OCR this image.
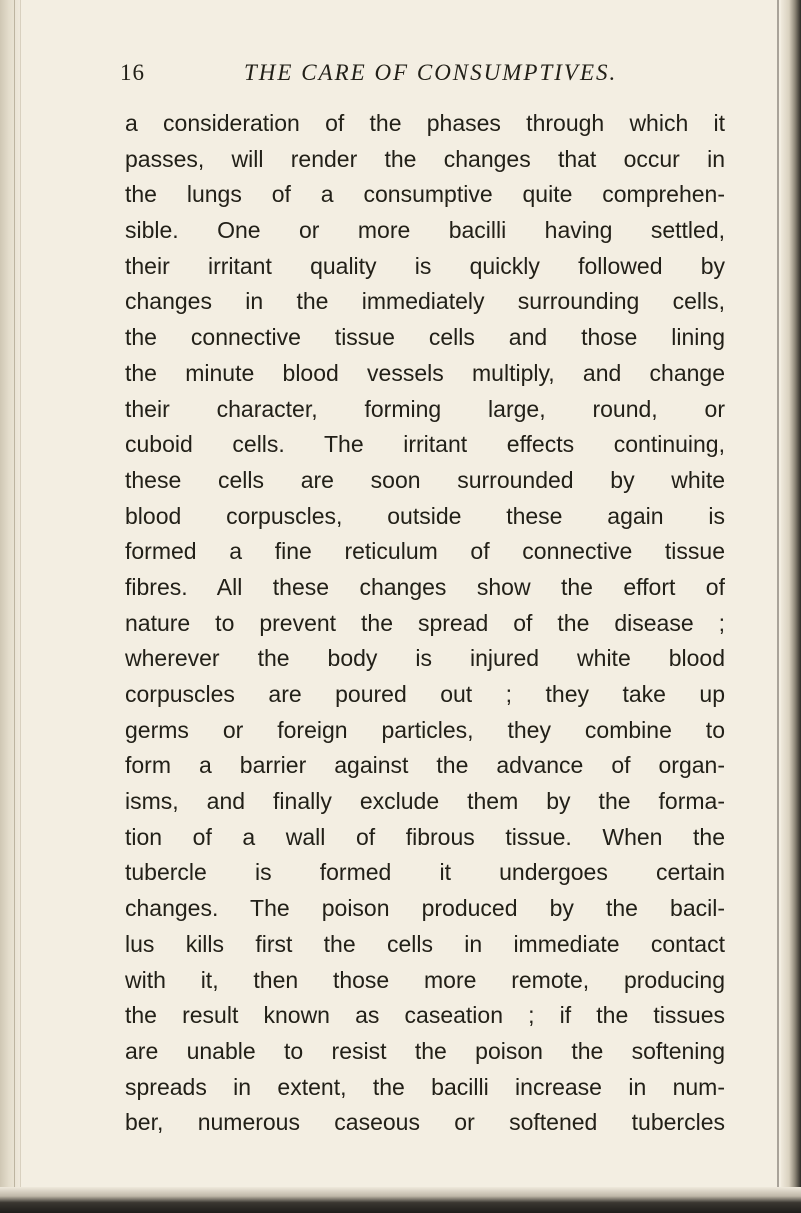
16	THE CARE OF CONSUMPTIVES.
a consideration of the phases through which it
passes, will render the changes that occur in
the lungs of a consumptive quite comprehen-
sible. One or more bacilli having settled,
their irritant quality is quickly followed by
changes in the immediately surrounding cells,
the connective tissue cells and those lining
the minute blood vessels multiply, and change
their character, forming large, round, or
cuboid cells. The irritant effects continuing,
these cells are soon surrounded by white
blood corpuscles, outside these again is
formed a fine reticulum of connective tissue
fibres. All these changes show the effort of
nature to prevent the spread of the disease ;
wherever the body is injured white blood
corpuscles are poured out ; they take up
germs or foreign particles, they combine to
form a barrier against the advance of organ-
isms, and finally exclude them by the forma-
tion of a wall of fibrous tissue. When the
tubercle is formed it undergoes certain
changes. The poison produced by the bacil-
lus kills first the cells in immediate contact
with it, then those more remote, producing
the result known as caseation ; if the tissues
are unable to resist the poison the softening
spreads in extent, the bacilli increase in num-
ber, numerous caseous or softened tubercles
